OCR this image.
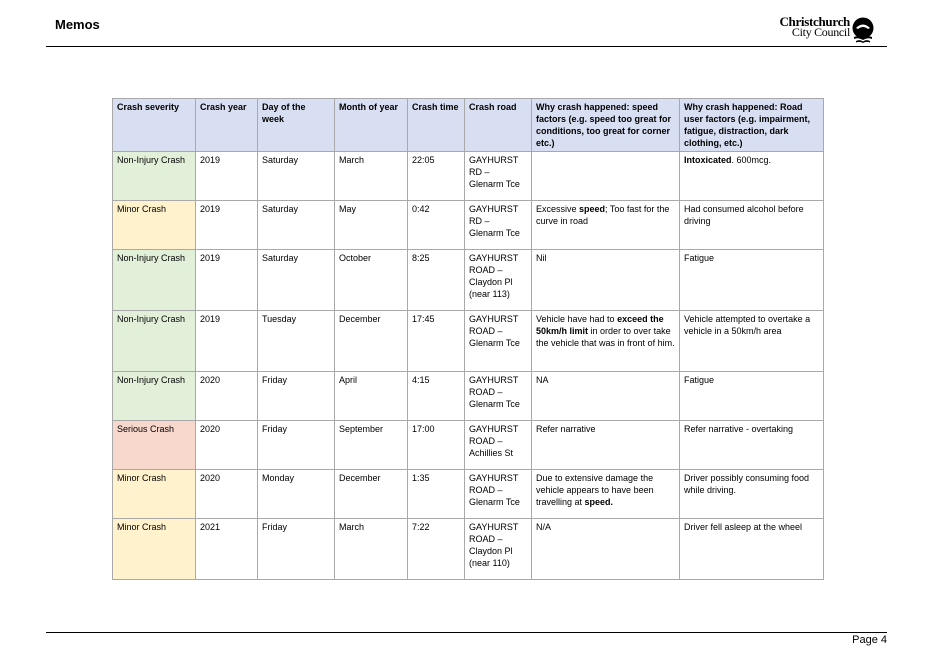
Memos	Christchurch
City Council
Crash severity	Crash year	Day of the week	Month of year	Crash time	Crash road	Why crash happened: speed factors (e.g. speed too great for conditions, too great for corner etc.)	Why crash happened: Road user factors (e.g. impairment, fatigue, distraction, dark clothing, etc.)
Non-Injury Crash	2019	Saturday	March	22:05	GAYHURST
RD –
Glenarm Tce		Intoxicated. 600mcg.
Minor Crash	2019	Saturday	May	0:42	GAYHURST
RD –
Glenarm Tce	Excessive speed; Too fast for the curve in road	Had consumed alcohol before driving
Non-Injury Crash	2019	Saturday	October	8:25	GAYHURST
ROAD –
Claydon Pl
(near 113)	Nil	Fatigue
Non-Injury Crash	2019	Tuesday	December	17:45	GAYHURST
ROAD –
Glenarm Tce	Vehicle have had to exceed the 50km/h limit in order to over take the vehicle that was in front of him.	Vehicle attempted to overtake a vehicle in a 50km/h area
Non-Injury Crash	2020	Friday	April	4:15	GAYHURST
ROAD –
Glenarm Tce	NA	Fatigue
Serious Crash	2020	Friday	September	17:00	GAYHURST
ROAD –
Achillies St	Refer narrative	Refer narrative - overtaking
Minor Crash	2020	Monday	December	1:35	GAYHURST
ROAD –
Glenarm Tce	Due to extensive damage the vehicle appears to have been travelling at speed.	Driver possibly consuming food while driving.
Minor Crash	2021	Friday	March	7:22	GAYHURST
ROAD –
Claydon Pl
(near 110)	N/A	Driver fell asleep at the wheel
Page 4
